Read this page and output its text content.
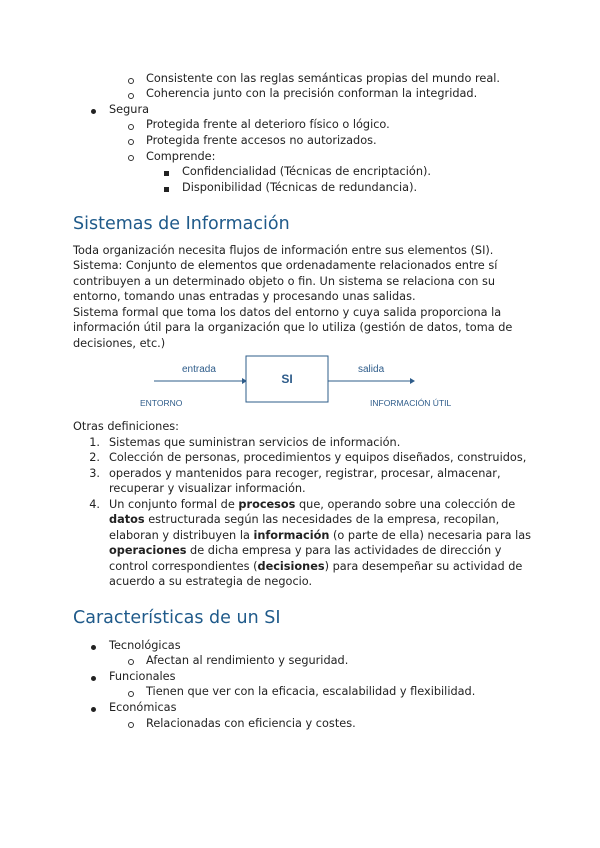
Consistente con las reglas semánticas propias del mundo real.
Coherencia junto con la precisión conforman la integridad.
Segura
Protegida frente al deterioro físico o lógico.
Protegida frente accesos no autorizados.
Comprende:
Confidencialidad (Técnicas de encriptación).
Disponibilidad (Técnicas de redundancia).
Sistemas de Información
Toda organización necesita flujos de información entre sus elementos (SI).
Sistema: Conjunto de elementos que ordenadamente relacionados entre sí
contribuyen a un determinado objeto o fin. Un sistema se relaciona con su
entorno, tomando unas entradas y procesando unas salidas.
Sistema formal que toma los datos del entorno y cuya salida proporciona la
información útil para la organización que lo utiliza (gestión de datos, toma de
decisiones, etc.)
entrada
SI
salida
ENTORNO	INFORMACIÓN ÚTIL
Otras definiciones:
1. Sistemas que suministran servicios de información.
2. Colección de personas, procedimientos y equipos diseñados, construidos,
3. operados y mantenidos para recoger, registrar, procesar, almacenar,
recuperar y visualizar información.
4. Un conjunto formal de procesos que, operando sobre una colección de
datos estructurada según las necesidades de la empresa, recopilan,
elaboran y distribuyen la información (o parte de ella) necesaria para las
operaciones de dicha empresa y para las actividades de dirección y
control correspondientes (decisiones) para desempeñar su actividad de
acuerdo a su estrategia de negocio.
Características de un SI
Tecnológicas
Afectan al rendimiento y seguridad.
Funcionales
Tienen que ver con la eficacia, escalabilidad y flexibilidad.
Económicas
Relacionadas con eficiencia y costes.
